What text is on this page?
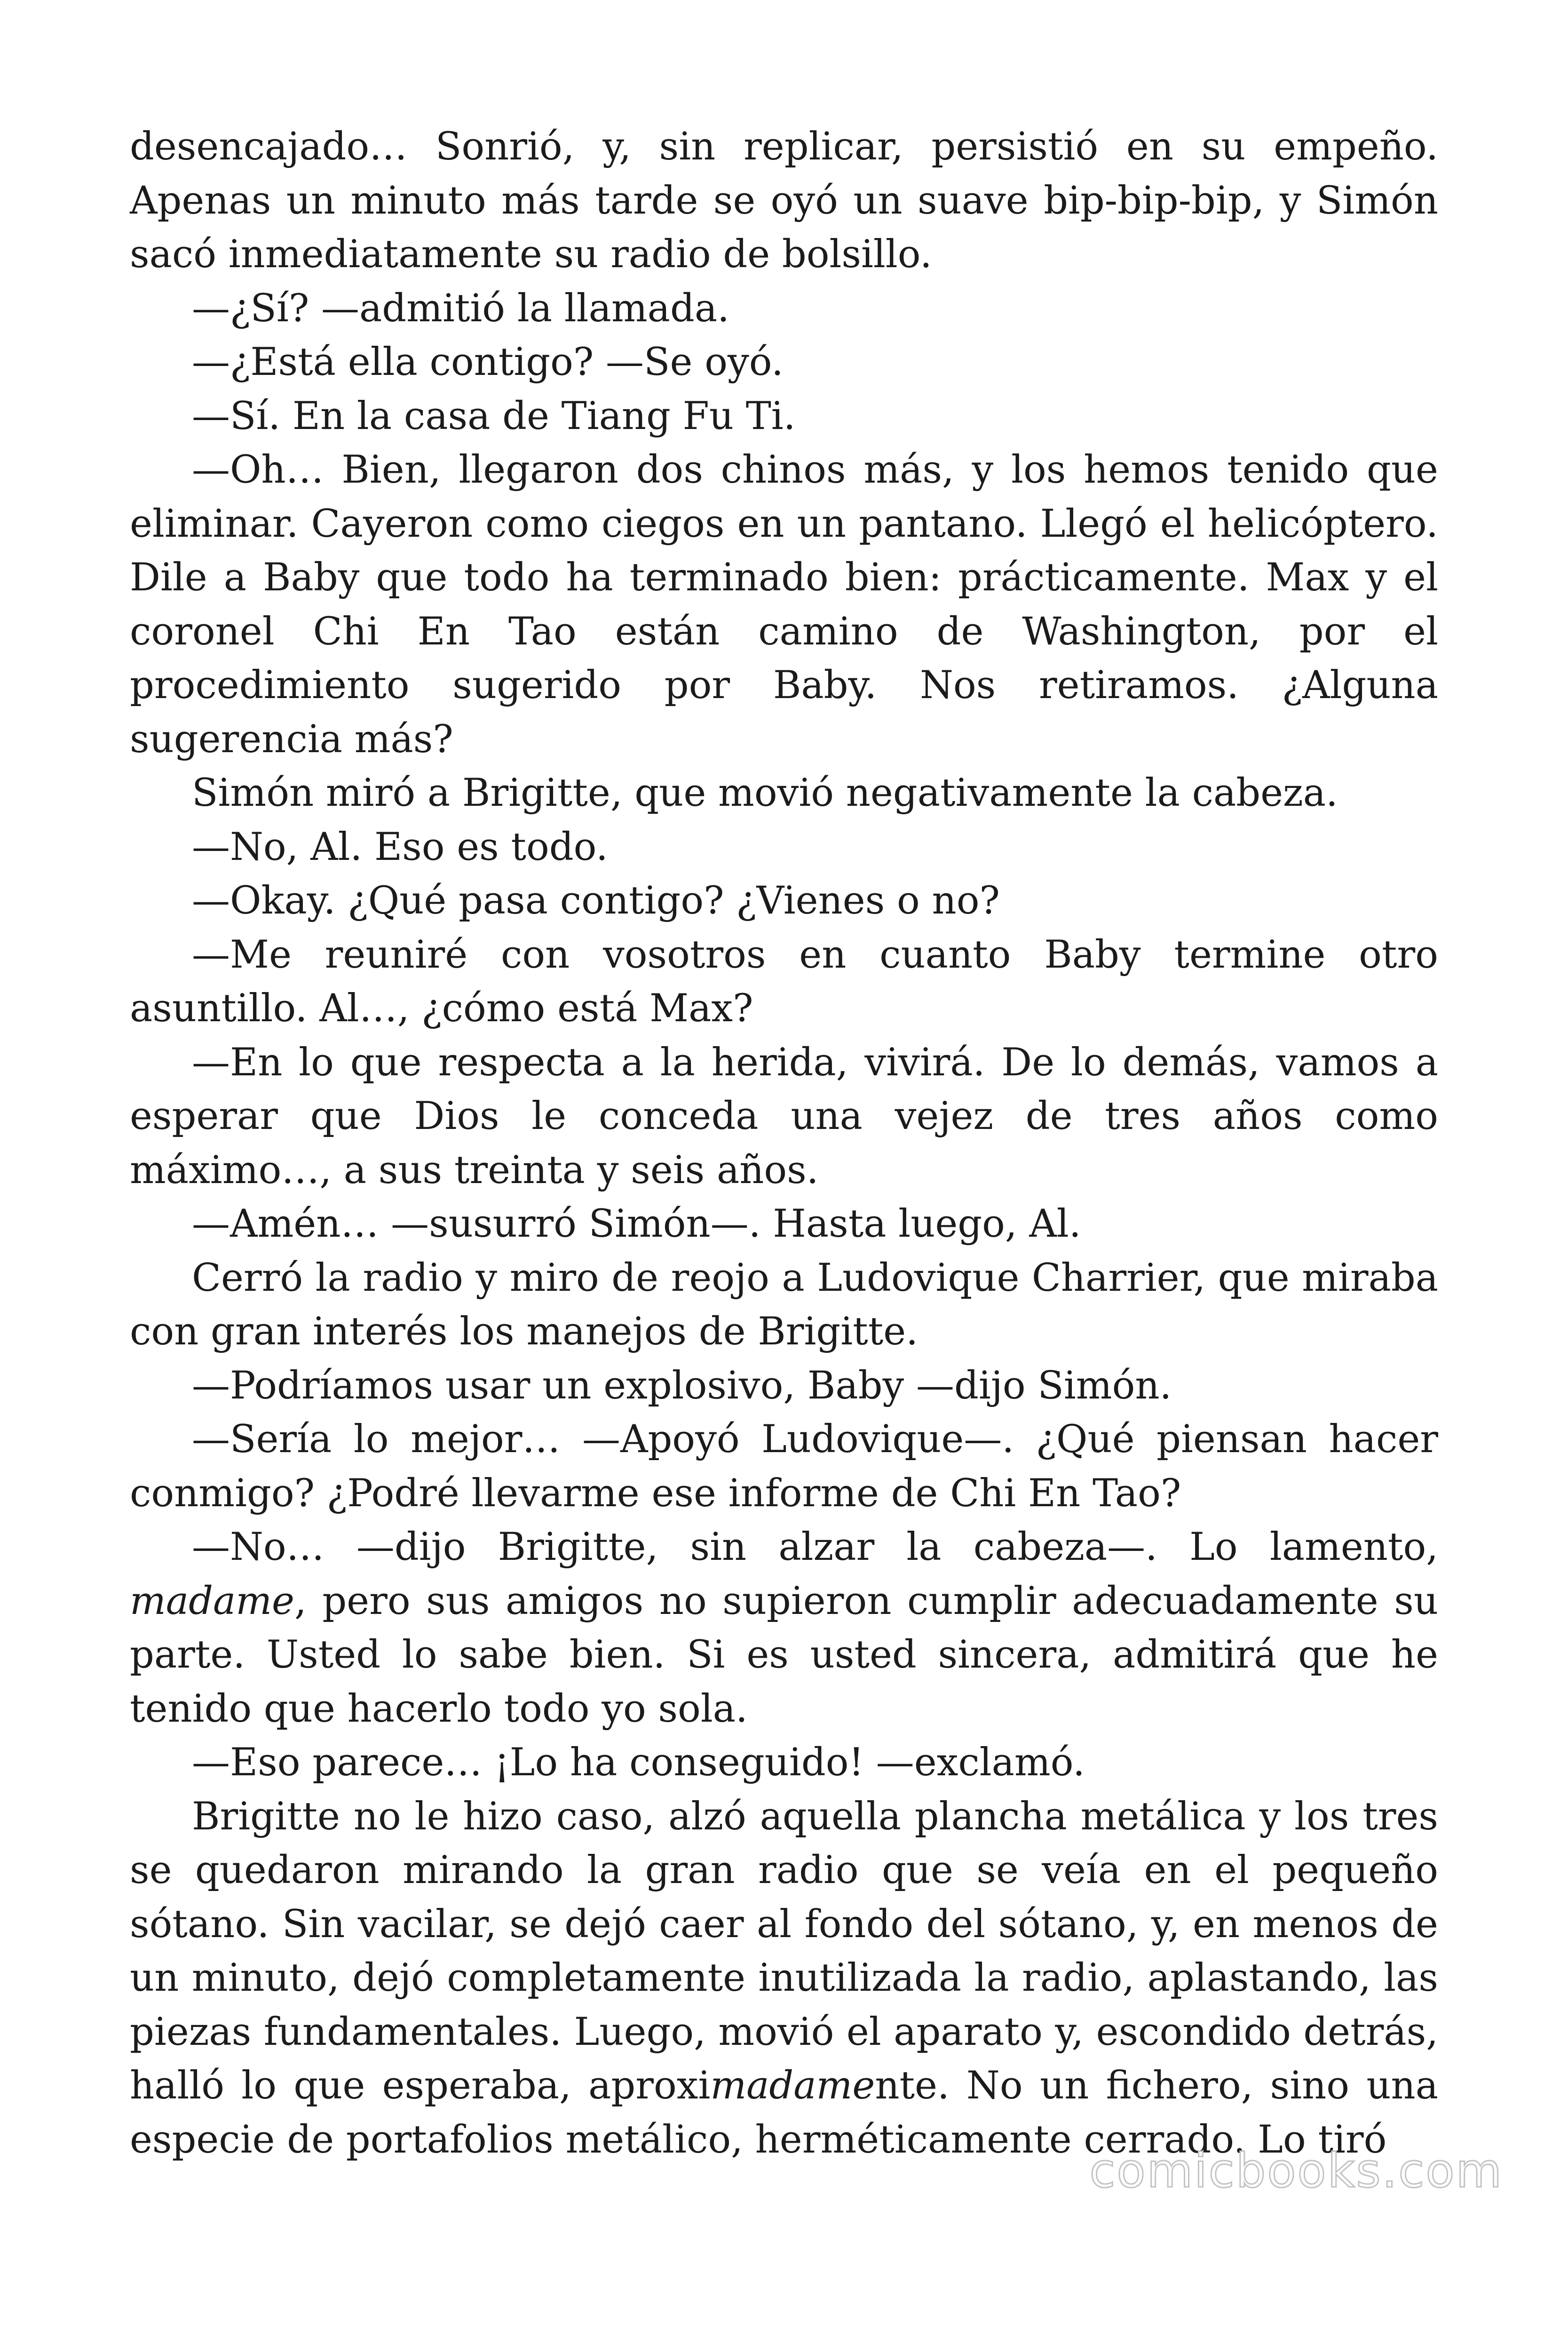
desencajado… Sonrió, y, sin replicar, persistió en su empeño. Apenas un minuto más tarde se oyó un suave bip-bip-bip, y Simón sacó inmediatamente su radio de bolsillo.

—¿Sí? —admitió la llamada.

—¿Está ella contigo? —Se oyó.

—Sí. En la casa de Tiang Fu Ti.

—Oh… Bien, llegaron dos chinos más, y los hemos tenido que eliminar. Cayeron como ciegos en un pantano. Llegó el helicóptero. Dile a Baby que todo ha terminado bien: prácticamente. Max y el coronel Chi En Tao están camino de Washington, por el procedimiento sugerido por Baby. Nos retiramos. ¿Alguna sugerencia más?

Simón miró a Brigitte, que movió negativamente la cabeza.

—No, Al. Eso es todo.

—Okay. ¿Qué pasa contigo? ¿Vienes o no?

—Me reuniré con vosotros en cuanto Baby termine otro asuntillo. Al…, ¿cómo está Max?

—En lo que respecta a la herida, vivirá. De lo demás, vamos a esperar que Dios le conceda una vejez de tres años como máximo…, a sus treinta y seis años.

—Amén… —susurró Simón—. Hasta luego, Al.

Cerró la radio y miro de reojo a Ludovique Charrier, que miraba con gran interés los manejos de Brigitte.

—Podríamos usar un explosivo, Baby —dijo Simón.

—Sería lo mejor… —Apoyó Ludovique—. ¿Qué piensan hacer conmigo? ¿Podré llevarme ese informe de Chi En Tao?

—No… —dijo Brigitte, sin alzar la cabeza—. Lo lamento, madame, pero sus amigos no supieron cumplir adecuadamente su parte. Usted lo sabe bien. Si es usted sincera, admitirá que he tenido que hacerlo todo yo sola.

—Eso parece… ¡Lo ha conseguido! —exclamó.

Brigitte no le hizo caso, alzó aquella plancha metálica y los tres se quedaron mirando la gran radio que se veía en el pequeño sótano. Sin vacilar, se dejó caer al fondo del sótano, y, en menos de un minuto, dejó completamente inutilizada la radio, aplastando, las piezas fundamentales. Luego, movió el aparato y, escondido detrás, halló lo que esperaba, aproximadamente. No un fichero, sino una especie de portafolios metálico, herméticamente cerrado. Lo tiró

comicbooks.com
